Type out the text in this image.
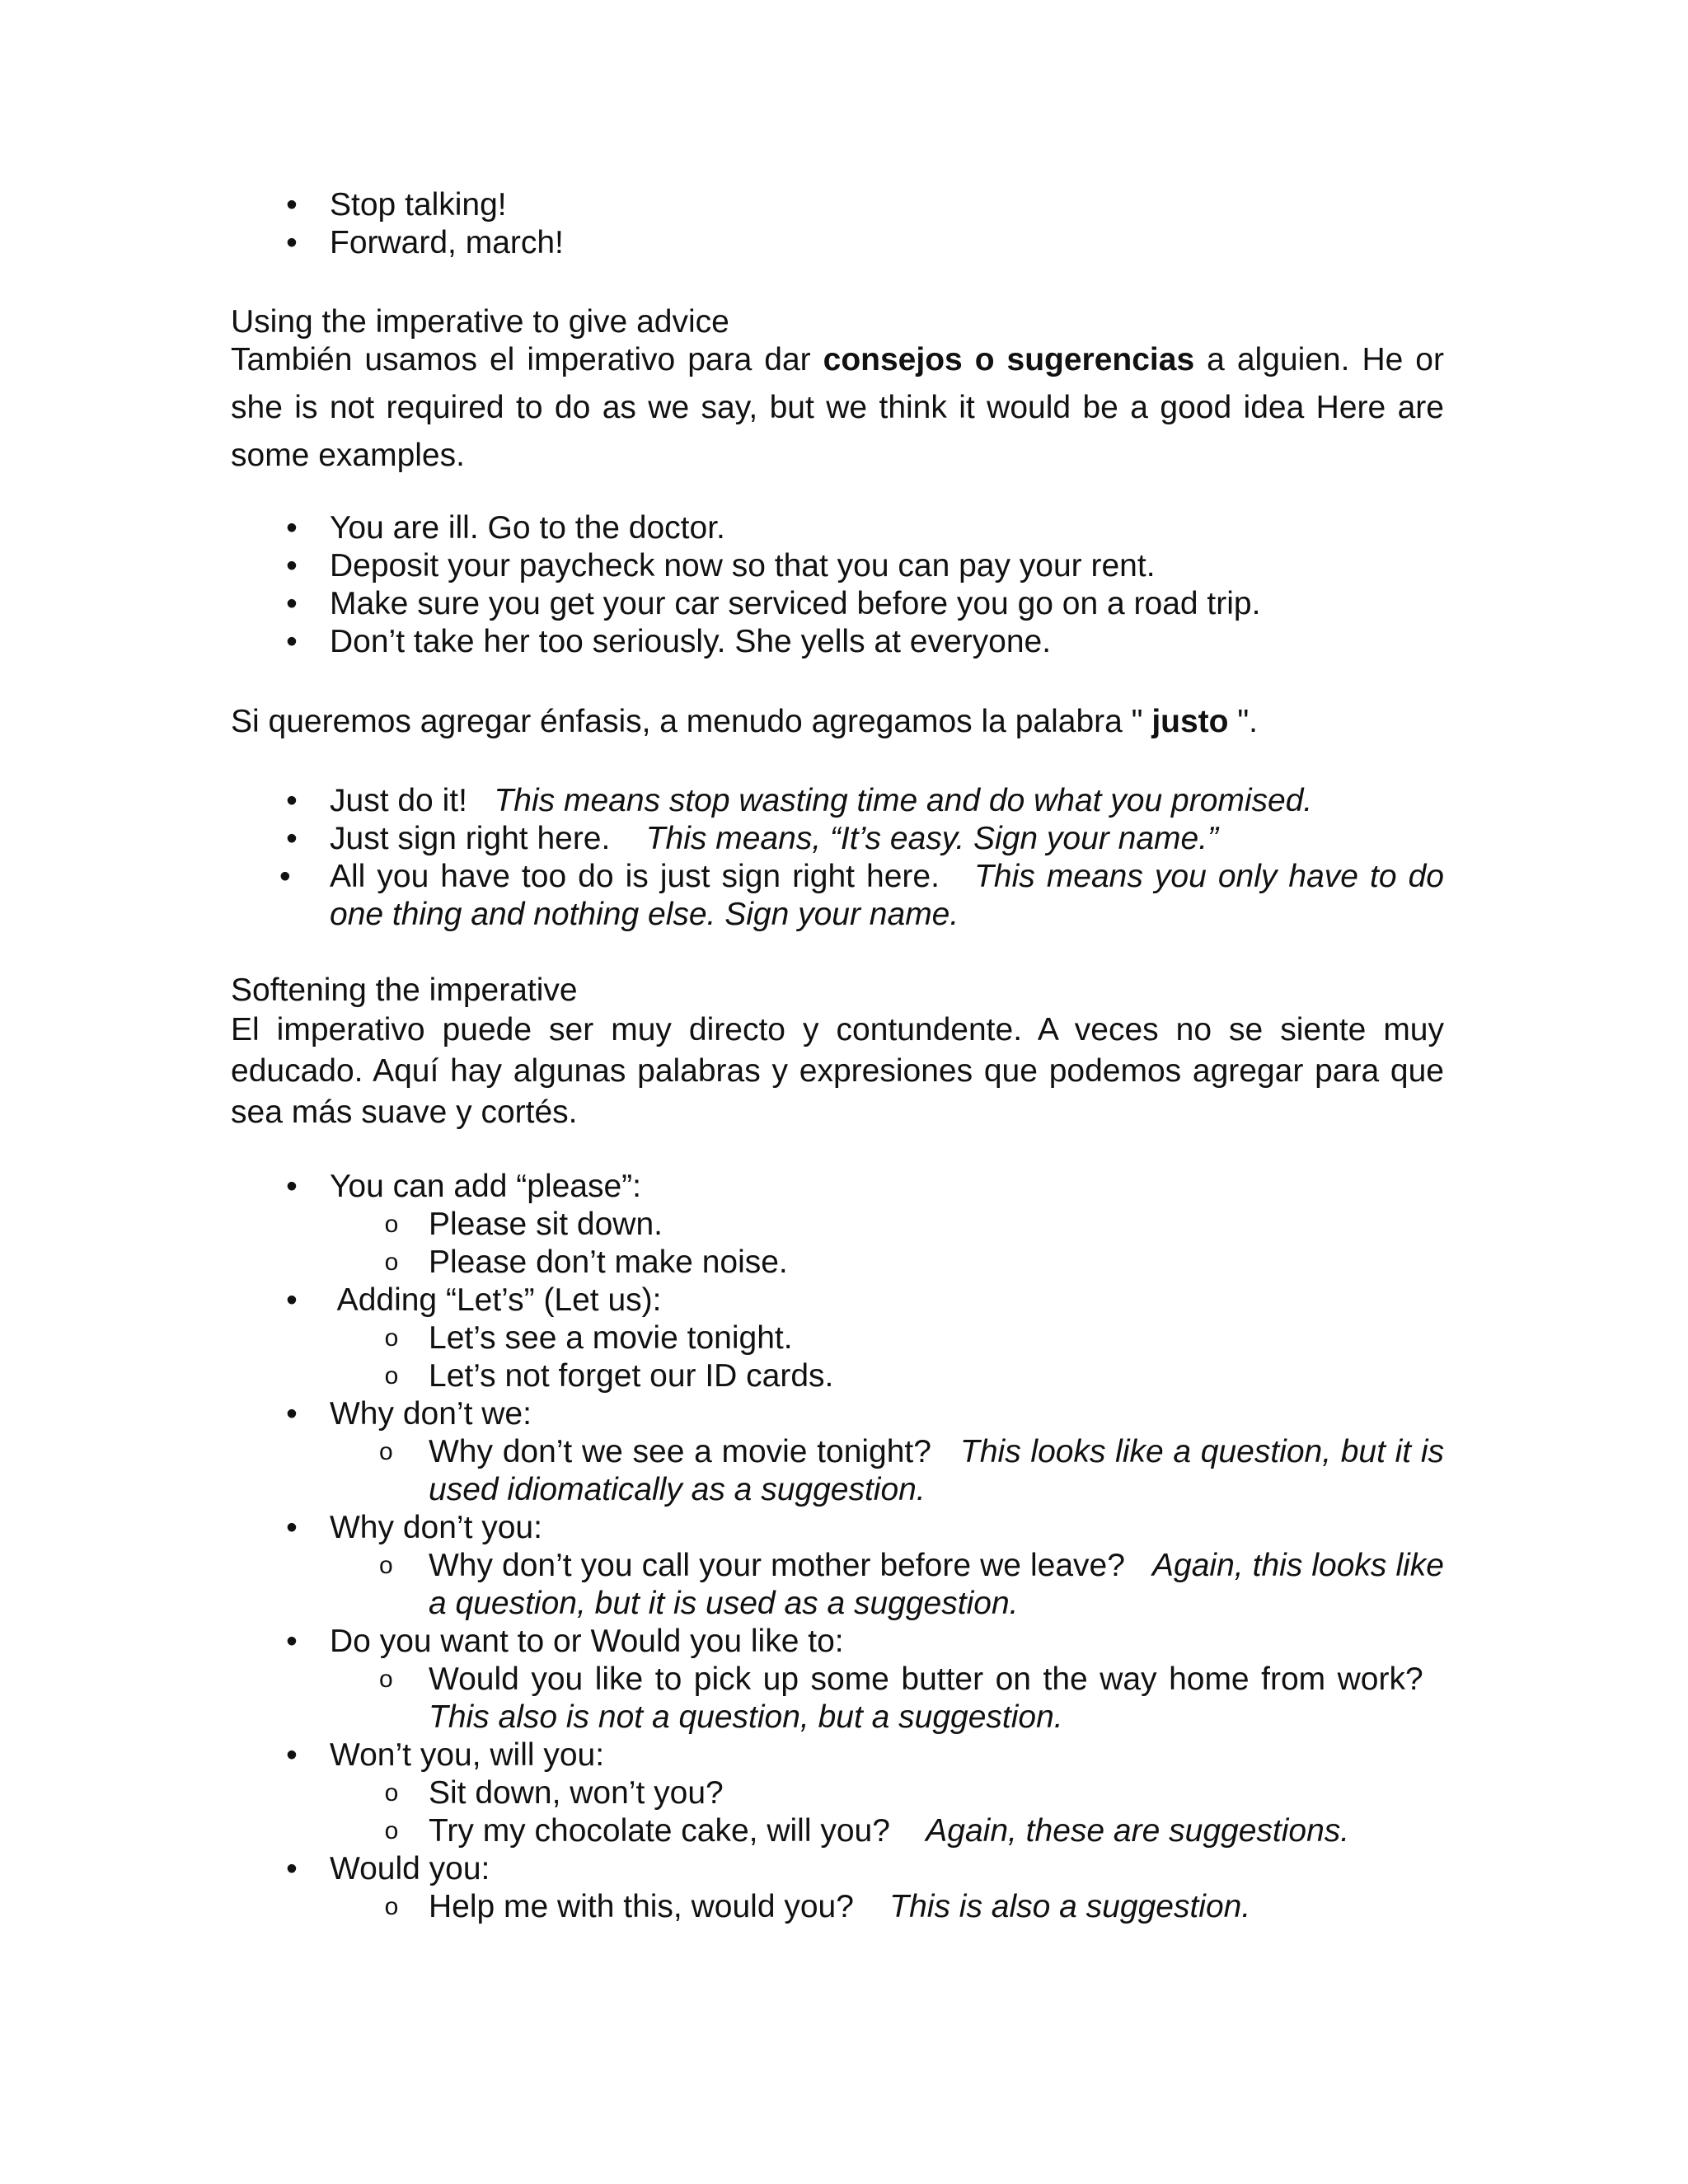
• Stop talking!
• Forward, march!
Using the imperative to give advice
También usamos el imperativo para dar consejos o sugerencias a alguien. He or she is not required to do as we say, but we think it would be a good idea Here are some examples.
• You are ill. Go to the doctor.
• Deposit your paycheck now so that you can pay your rent.
• Make sure you get your car serviced before you go on a road trip.
• Don’t take her too seriously. She yells at everyone.
Si queremos agregar énfasis, a menudo agregamos la palabra " justo ".
• Just do it! This means stop wasting time and do what you promised.
• Just sign right here. This means, “It’s easy. Sign your name.”
•	All you have too do is just sign right here. This means you only have to do one thing and nothing else. Sign your name.
Softening the imperative
El imperativo puede ser muy directo y contundente. A veces no se siente muy educado. Aquí hay algunas palabras y expresiones que podemos agregar para que sea más suave y cortés.
• You can add “please”:
o Please sit down.
o Please don’t make noise.
• Adding “Let’s” (Let us):
o Let’s see a movie tonight.
o Let’s not forget our ID cards.
• Why don’t we:
o	Why don’t we see a movie tonight? This looks like a question, but it is used idiomatically as a suggestion.
• Why don’t you:
o	Why don’t you call your mother before we leave? Again, this looks like a question, but it is used as a suggestion.
• Do you want to or Would you like to:
o	Would you like to pick up some butter on the way home from work?   This also is not a question, but a suggestion.
• Won’t you, will you:
o Sit down, won’t you?
o Try my chocolate cake, will you? Again, these are suggestions.
• Would you:
o Help me with this, would you? This is also a suggestion.
